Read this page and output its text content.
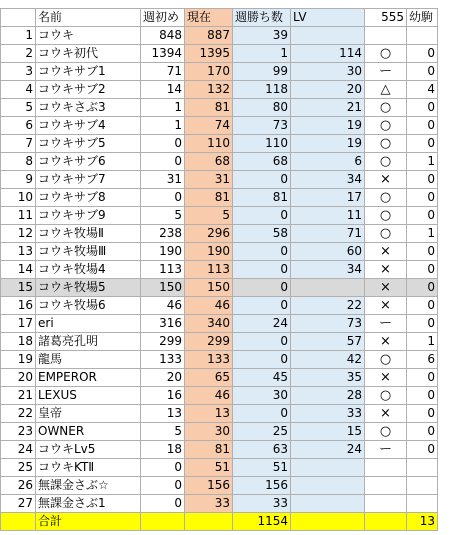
	名前	週初め	現在	週勝ち数	LV	555	幼駒
1	コウキ	848	887	39			
2	コウキ初代	1394	1395	1	114	○	0
3	コウキサブ1	71	170	99	30	ー	0
4	コウキサブ2	14	132	118	20	△	4
5	コウキさぶ3	1	81	80	21	○	0
6	コウキサブ4	1	74	73	19	○	0
7	コウキサブ5	0	110	110	19	○	0
8	コウキサブ6	0	68	68	6	○	1
9	コウキサブ7	31	31	0	34	×	0
10	コウキサブ8	0	81	81	17	○	0
11	コウキサブ9	5	5	0	11	○	0
12	コウキ牧場Ⅱ	238	296	58	71	○	1
13	コウキ牧場Ⅲ	190	190	0	60	×	0
14	コウキ牧場4	113	113	0	34	×	0
15	コウキ牧場5	150	150	0		×	0
16	コウキ牧場6	46	46	0	22	×	0
17	eri	316	340	24	73	ー	0
18	諸葛亮孔明	299	299	0	57	×	1
19	龍馬	133	133	0	42	○	6
20	EMPEROR	20	65	45	35	×	0
21	LEXUS	16	46	30	28	○	0
22	皇帝	13	13	0	33	×	0
23	OWNER	5	30	25	15	○	0
24	コウキLv5	18	81	63	24	ー	0
25	コウキKTⅡ	0	51	51			
26	無課金さぶ☆	0	156	156			
27	無課金さぶ1	0	33	33			
	合計			1154			13
